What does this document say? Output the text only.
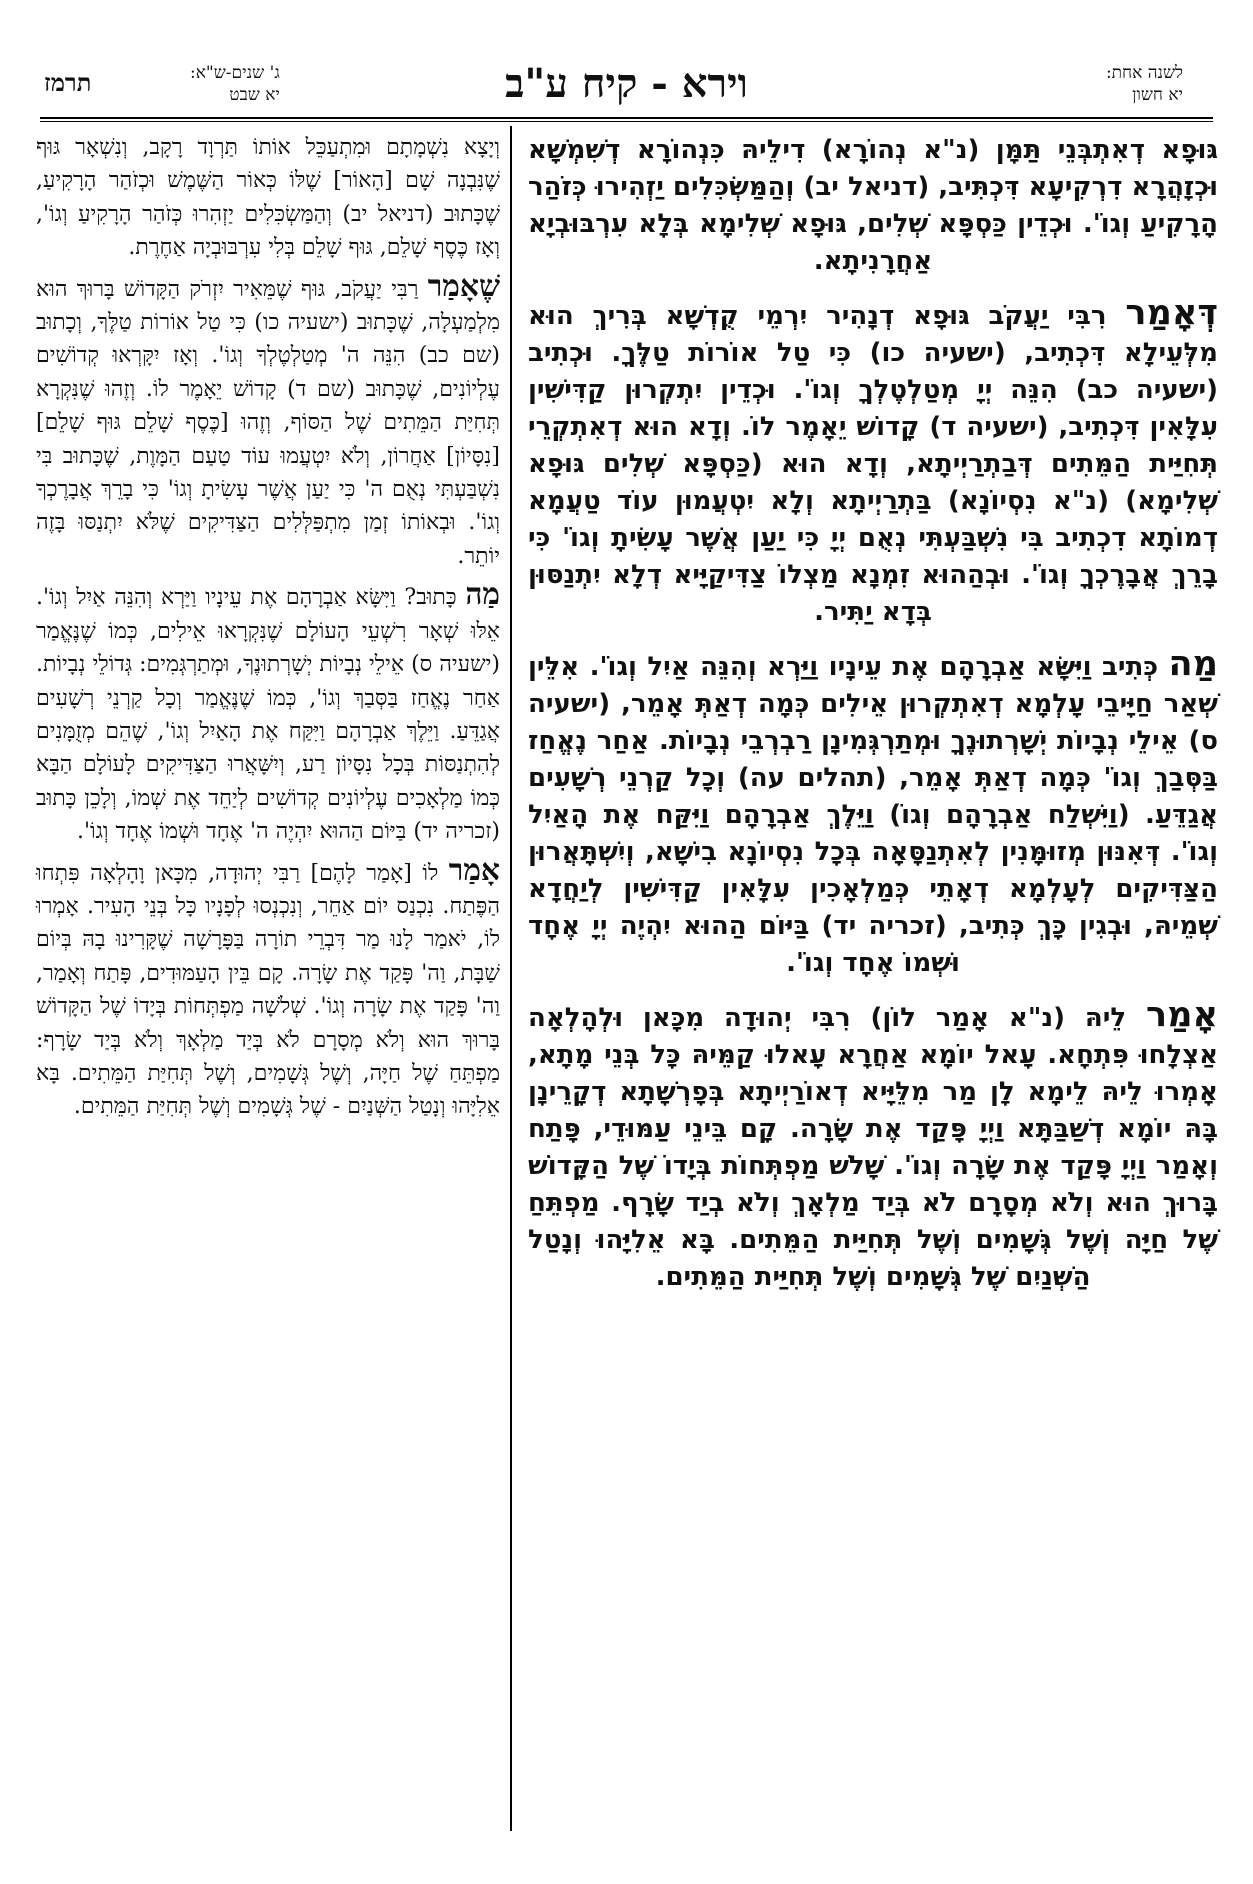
לשנה אחת:
יא חשון
וירא - קיח ע"ב
ג' שנים-ש"א:
יא שבט
תרמז

גּוּפָא דְאִתְבְּנֵי תַּמָּן (נ"א נְהוֹרָא) דִילֵיהּ כִּנְהוֹרָא דְשִׁמְשָׁא וּכְזָהֲרָא דִרְקִיעָא דִּכְתִּיב, (דניאל יב) וְהַמַּשְׂכִּלִים יַזְהִירוּ כְּזֹהַר הָרָקִיעַ וְגוֹ'. וּכְדֵין כַּסְפָּא שְׁלִים, גּוּפָא שְׁלִימָא בְּלָא עִרְבּוּבְיָא אַחֲרָנִיתָא.

דְּאָמַר רִבִּי יַעֲקֹב גּוּפָא דְנָהִיר יִרְמֵי קֻדְשָׁא בְּרִיךְ הוּא מִלְּעֵילָא דִּכְתִיב, (ישעיה כו) כִּי טַל אוֹרוֹת טַלֶּךָ. וּכְתִיב (ישעיה כב) הִנֵּה יְיָ מְטַלְטֶלְךָ וְגוֹ'. וּכְדֵין יִתְקְרוּן קַדִּישִׁין עִלָּאִין דִּכְתִיב, (ישעיה ד) קָדוֹשׁ יֵאָמֶר לוֹ. וְדָא הוּא דְאִתְקְרֵי תְּחִיַּית הַמֵּתִים דְּבַתְרַיְיתָא, וְדָא הוּא (כַּסְפָּא שְׁלִים גּוּפָא שְׁלִימָא) (נ"א נִסְיוֹנָא) בַּתְרַיְיתָא וְלָא יִטְעֲמוּן עוֹד טַעֲמָא דְמוֹתָא דִכְתִיב בִּי נִשְׁבַּעְתִּי נְאֻם יְיָ כִּי יַעַן אֲשֶׁר עָשִׂיתָ וְגוֹ' כִּי בָרֵךְ אֲבָרֶכְךָ וְגוֹ'. וּבְהַהוּא זִמְנָא מַצְלוֹ צַדִּיקַיָּיא דְלָא יִתְנַסּוּן בְּדָא יַתִּיר.

מַה כְּתִיב וַיִּשָּׂא אַבְרָהָם אֶת עֵינָיו וַיַּרְא וְהִנֵּה אַיִל וְגוֹ'. אִלֵּין שְׁאַר חַיָּיבֵי עָלְמָא דְאִתְקְרוּן אֵילִים כְּמָה דְאַתְּ אָמֵר, (ישעיה ס) אֵילֵי נְבָיוֹת יְשָׁרְתוּנֶךָ וּמְתַרְגְּמִינָן רַבְרְבֵי נְבָיוֹת. אַחַר נֶאֱחַז בַּסְּבַךְ וְגוֹ' כְּמָה דְאַתְּ אָמֵר, (תהלים עה) וְכָל קַרְנֵי רְשָׁעִים אֲגַדֵּעַ. (וַיִּשְׁלַח אַבְרָהָם וְגוֹ) וַיֵּלֶךְ אַבְרָהָם וַיִּקַּח אֶת הָאַיִל וְגוֹ'. דְּאִנּוּן מְזוּמָּנִין לְאִתְנַסָּאָה בְּכָל נִסְיוֹנָא בִישָׁא, וְיִשְׁתָּאֲרוּן הַצַּדִּיקִים לְעָלְמָא דְאָתֵי כְּמַלְאָכִין עִלָּאִין קַדִּישִׁין לְיַחֲדָא שְׁמֵיהּ, וּבְגִין כָּךְ כְּתִיב, (זכריה יד) בַּיּוֹם הַהוּא יִהְיֶה יְיָ אֶחָד וּשְׁמוֹ אֶחָד וְגוֹ'.

אָמַר לֵיהּ (נ"א אָמַר לוֹן) רִבִּי יְהוּדָה מִכָּאן וּלְהָלְאָה אַצְלָחוּ פִּתְחָא. עָאל יוֹמָא אַחֲרָא עָאלוּ קַמֵּיהּ כָּל בְּנֵי מָתָא, אָמְרוּ לֵיהּ לֵימָא לָן מַר מִלֵּיָּיא דְאוֹרַיְיתָא בְּפָרְשָׁתָא דְקָרֵינָן בָּהּ יוֹמָא דְשַׁבַּתָּא וַיְיָ פָּקַד אֶת שָׂרָה. קָם בֵּינֵי עַמּוּדֵי, פָּתַח וְאָמַר וַיְיָ פָּקַד אֶת שָׂרָה וְגוֹ'. שָׁלֹשׁ מַפְתְּחוֹת בְּיָדוֹ שֶׁל הַקָּדוֹשׁ בָּרוּךְ הוּא וְלֹא מְסָרָם לֹא בְּיַד מַלְאָךְ וְלֹא בְיַד שָׂרָף. מַפְתֵּחַ שֶׁל חַיָּה וְשֶׁל גְּשָׁמִים וְשֶׁל תְּחִיַּית הַמֵּתִים. בָּא אֵלִיָּהוּ וְנָטַל הַשְּׁנַיִם שֶׁל גְּשָׁמִים וְשֶׁל תְּחִיַּית הַמֵּתִים.

וְיָצָא נִשְׁמָתָם וּמִתְעַכֵּל אוֹתוֹ תַּרְוָד רָקָב, וְנִשְׁאָר גּוּף שֶׁנִּבְנָה שָׁם [הָאוֹר] שֶׁלּוֹ כְּאוֹר הַשֶּׁמֶשׁ וּכְזֹהַר הָרָקִיעַ, שֶׁכָּתוּב (דניאל יב) וְהַמַּשְׂכִּלִים יַזְהִרוּ כְּזֹהַר הָרָקִיעַ וְגוֹ', וְאָז כֶּסֶף שָׁלֵם, גּוּף שָׁלֵם בְּלִי עִרְבּוּבְיָה אַחֶרֶת.

שֶׁאָמַר רַבִּי יַעֲקֹב, גּוּף שֶׁמֵּאִיר יִזְרֹק הַקָּדוֹשׁ בָּרוּךְ הוּא מִלְמַעְלָה, שֶׁכָּתוּב (ישעיה כו) כִּי טַל אוֹרוֹת טַלֶּךָ, וְכָתוּב (שם כב) הִנֵּה ה' מְטַלְטֶלְךָ וְגוֹ'. וְאָז יִקָּרְאוּ קְדוֹשִׁים עֶלְיוֹנִים, שֶׁכָּתוּב (שם ד) קָדוֹשׁ יֵאָמֶר לוֹ. וְזֶהוּ שֶׁנִּקְרָא תְּחִיַּת הַמֵּתִים שֶׁל הַסּוֹף, וְזֶהוּ [כֶּסֶף שָׁלֵם גּוּף שָׁלֵם] [נִסָּיוֹן] אַחֲרוֹן, וְלֹא יִטְעֲמוּ עוֹד טַעַם הַמָּוֶת, שֶׁכָּתוּב בִּי נִשְׁבַּעְתִּי נְאֻם ה' כִּי יַעַן אֲשֶׁר עָשִׂיתָ וְגוֹ' כִּי בָרֵךְ אֲבָרֶכְךָ וְגוֹ'. וּבְאוֹתוֹ זְמַן מִתְפַּלְּלִים הַצַּדִּיקִים שֶׁלֹּא יִתְנַסּוּ בָּזֶה יוֹתֵר.

מַה כָּתוּב? וַיִּשָּׂא אַבְרָהָם אֶת עֵינָיו וַיַּרְא וְהִנֵּה אַיִל וְגוֹ'. אֵלּוּ שְׁאָר רִשְׁעֵי הָעוֹלָם שֶׁנִּקְרָאוּ אֵילִים, כְּמוֹ שֶׁנֶּאֱמַר (ישעיה ס) אֵילֵי נְבָיוֹת יְשָׁרְתוּנֶךָ, וּמְתַרְגְּמִים: גְּדוֹלֵי נְבָיוֹת. אַחַר נֶאֱחַז בַּסְּבַךְ וְגוֹ', כְּמוֹ שֶׁנֶּאֱמַר וְכָל קַרְנֵי רְשָׁעִים אֲגַדֵּעַ. וַיֵּלֶךְ אַבְרָהָם וַיִּקַּח אֶת הָאַיִל וְגוֹ', שֶׁהֵם מְזֻמָּנִים לְהִתְנַסּוֹת בְּכָל נִסָּיוֹן רַע, וְיִשָּׁאֲרוּ הַצַּדִּיקִים לָעוֹלָם הַבָּא כְּמוֹ מַלְאָכִים עֶלְיוֹנִים קְדוֹשִׁים לְיַחֵד אֶת שְׁמוֹ, וְלָכֵן כָּתוּב (זכריה יד) בַּיּוֹם הַהוּא יִהְיֶה ה' אֶחָד וּשְׁמוֹ אֶחָד וְגוֹ'.

אָמַר לוֹ [אָמַר לָהֶם] רַבִּי יְהוּדָה, מִכָּאן וָהָלְאָה פִּתְחוּ הַפֶּתַח. נִכְנַס יוֹם אַחֵר, וְנִכְנְסוּ לְפָנָיו כָּל בְּנֵי הָעִיר. אָמְרוּ לוֹ, יֹאמַר לָנוּ מַר דִּבְרֵי תוֹרָה בַּפָּרָשָׁה שֶׁקָּרִינוּ בָהּ בְּיוֹם שַׁבָּת, וַה' פָּקַד אֶת שָׂרָה. קָם בֵּין הָעַמּוּדִים, פָּתַח וְאָמַר, וַה' פָּקַד אֶת שָׂרָה וְגוֹ'. שְׁלֹשָׁה מַפְתְּחוֹת בְּיָדוֹ שֶׁל הַקָּדוֹשׁ בָּרוּךְ הוּא וְלֹא מְסָרָם לֹא בְּיַד מַלְאָךְ וְלֹא בְּיַד שָׂרָף: מַפְתֵּחַ שֶׁל חַיָּה, וְשֶׁל גְּשָׁמִים, וְשֶׁל תְּחִיַּת הַמֵּתִים. בָּא אֵלִיָּהוּ וְנָטַל הַשְּׁנַיִם - שֶׁל גְּשָׁמִים וְשֶׁל תְּחִיַּת הַמֵּתִים.
